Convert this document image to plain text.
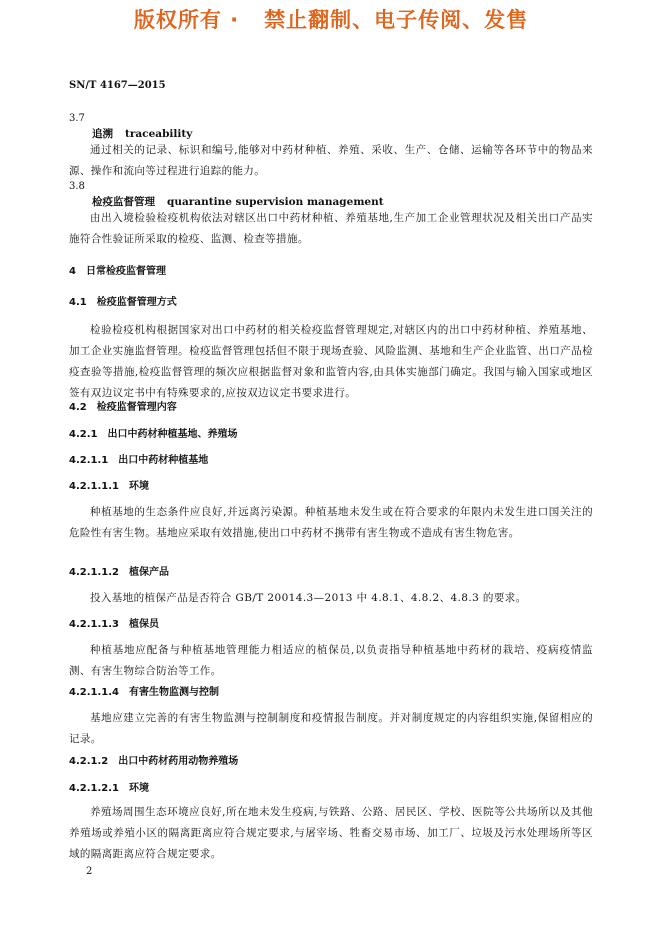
版权所有 ·   禁止翻制、电子传阅、发售
SN/T 4167—2015
3.7
追溯 traceability
通过相关的记录、标识和编号,能够对中药材种植、养殖、采收、生产、仓储、运输等各环节中的物品来源、操作和流向等过程进行追踪的能力。
3.8
检疫监督管理 quarantine supervision management
由出入境检验检疫机构依法对辖区出口中药材种植、养殖基地,生产加工企业管理状况及相关出口产品实施符合性验证所采取的检疫、监测、检查等措施。
4 日常检疫监督管理
4.1 检疫监督管理方式
检验检疫机构根据国家对出口中药材的相关检疫监督管理规定,对辖区内的出口中药材种植、养殖基地、加工企业实施监督管理。检疫监督管理包括但不限于现场查验、风险监测、基地和生产企业监管、出口产品检疫查验等措施,检疫监督管理的频次应根据监督对象和监管内容,由具体实施部门确定。我国与输入国家或地区签有双边议定书中有特殊要求的,应按双边议定书要求进行。
4.2 检疫监督管理内容
4.2.1 出口中药材种植基地、养殖场
4.2.1.1 出口中药材种植基地
4.2.1.1.1 环境
种植基地的生态条件应良好,并远离污染源。种植基地未发生或在符合要求的年限内未发生进口国关注的危险性有害生物。基地应采取有效措施,使出口中药材不携带有害生物或不造成有害生物危害。
4.2.1.1.2 植保产品
投入基地的植保产品是否符合 GB/T 20014.3—2013 中 4.8.1、4.8.2、4.8.3 的要求。
4.2.1.1.3 植保员
种植基地应配备与种植基地管理能力相适应的植保员,以负责指导种植基地中药材的栽培、疫病疫情监测、有害生物综合防治等工作。
4.2.1.1.4 有害生物监测与控制
基地应建立完善的有害生物监测与控制制度和疫情报告制度。并对制度规定的内容组织实施,保留相应的记录。
4.2.1.2 出口中药材药用动物养殖场
4.2.1.2.1 环境
养殖场周围生态环境应良好,所在地未发生疫病,与铁路、公路、居民区、学校、医院等公共场所以及其他养殖场或养殖小区的隔离距离应符合规定要求,与屠宰场、牲畜交易市场、加工厂、垃圾及污水处理场所等区域的隔离距离应符合规定要求。
2
